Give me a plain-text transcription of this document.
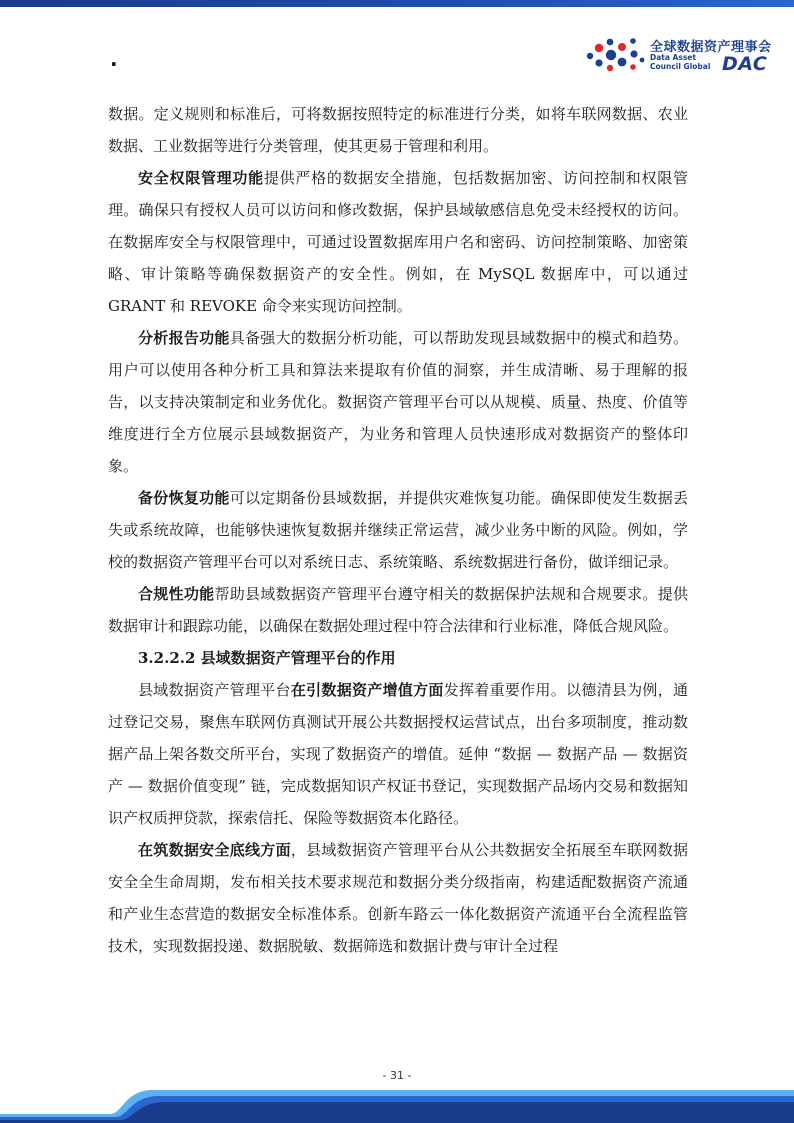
·
全球数据资产理事会
Data Asset Council Global DAC

数据。定义规则和标准后，可将数据按照特定的标准进行分类，如将车联网数据、农业数据、工业数据等进行分类管理，使其更易于管理和利用。

安全权限管理功能提供严格的数据安全措施，包括数据加密、访问控制和权限管理。确保只有授权人员可以访问和修改数据，保护县域敏感信息免受未经授权的访问。在数据库安全与权限管理中，可通过设置数据库用户名和密码、访问控制策略、加密策略、审计策略等确保数据资产的安全性。例如，在 MySQL 数据库中，可以通过 GRANT 和 REVOKE 命令来实现访问控制。

分析报告功能具备强大的数据分析功能，可以帮助发现县域数据中的模式和趋势。用户可以使用各种分析工具和算法来提取有价值的洞察，并生成清晰、易于理解的报告，以支持决策制定和业务优化。数据资产管理平台可以从规模、质量、热度、价值等维度进行全方位展示县域数据资产，为业务和管理人员快速形成对数据资产的整体印象。

备份恢复功能可以定期备份县域数据，并提供灾难恢复功能。确保即使发生数据丢失或系统故障，也能够快速恢复数据并继续正常运营，减少业务中断的风险。例如，学校的数据资产管理平台可以对系统日志、系统策略、系统数据进行备份，做详细记录。

合规性功能帮助县域数据资产管理平台遵守相关的数据保护法规和合规要求。提供数据审计和跟踪功能，以确保在数据处理过程中符合法律和行业标准，降低合规风险。

3.2.2.2 县域数据资产管理平台的作用

县域数据资产管理平台在引数据资产增值方面发挥着重要作用。以德清县为例，通过登记交易，聚焦车联网仿真测试开展公共数据授权运营试点，出台多项制度，推动数据产品上架各数交所平台，实现了数据资产的增值。延伸 “数据 — 数据产品 — 数据资产 — 数据价值变现” 链，完成数据知识产权证书登记，实现数据产品场内交易和数据知识产权质押贷款，探索信托、保险等数据资本化路径。

在筑数据安全底线方面，县域数据资产管理平台从公共数据安全拓展至车联网数据安全全生命周期，发布相关技术要求规范和数据分类分级指南，构建适配数据资产流通和产业生态营造的数据安全标准体系。创新车路云一体化数据资产流通平台全流程监管技术，实现数据投递、数据脱敏、数据筛选和数据计费与审计全过程

- 31 -
